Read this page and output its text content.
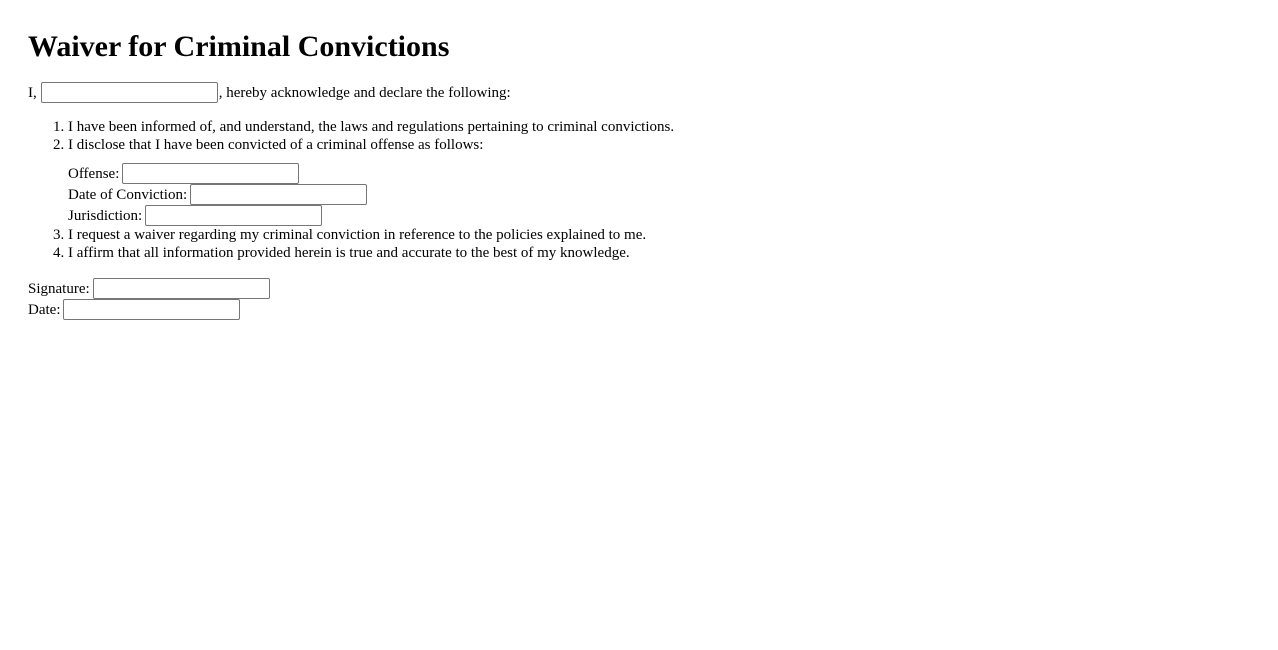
Waiver for Criminal Convictions
I,	, hereby acknowledge and declare the following:
1. I have been informed of, and understand, the laws and regulations pertaining to criminal convictions.
2. I disclose that I have been convicted of a criminal offense as follows:
Offense:
Date of Conviction:
Jurisdiction:
3. I request a waiver regarding my criminal conviction in reference to the policies explained to me.
4. I affirm that all information provided herein is true and accurate to the best of my knowledge.
Signature:
Date:
